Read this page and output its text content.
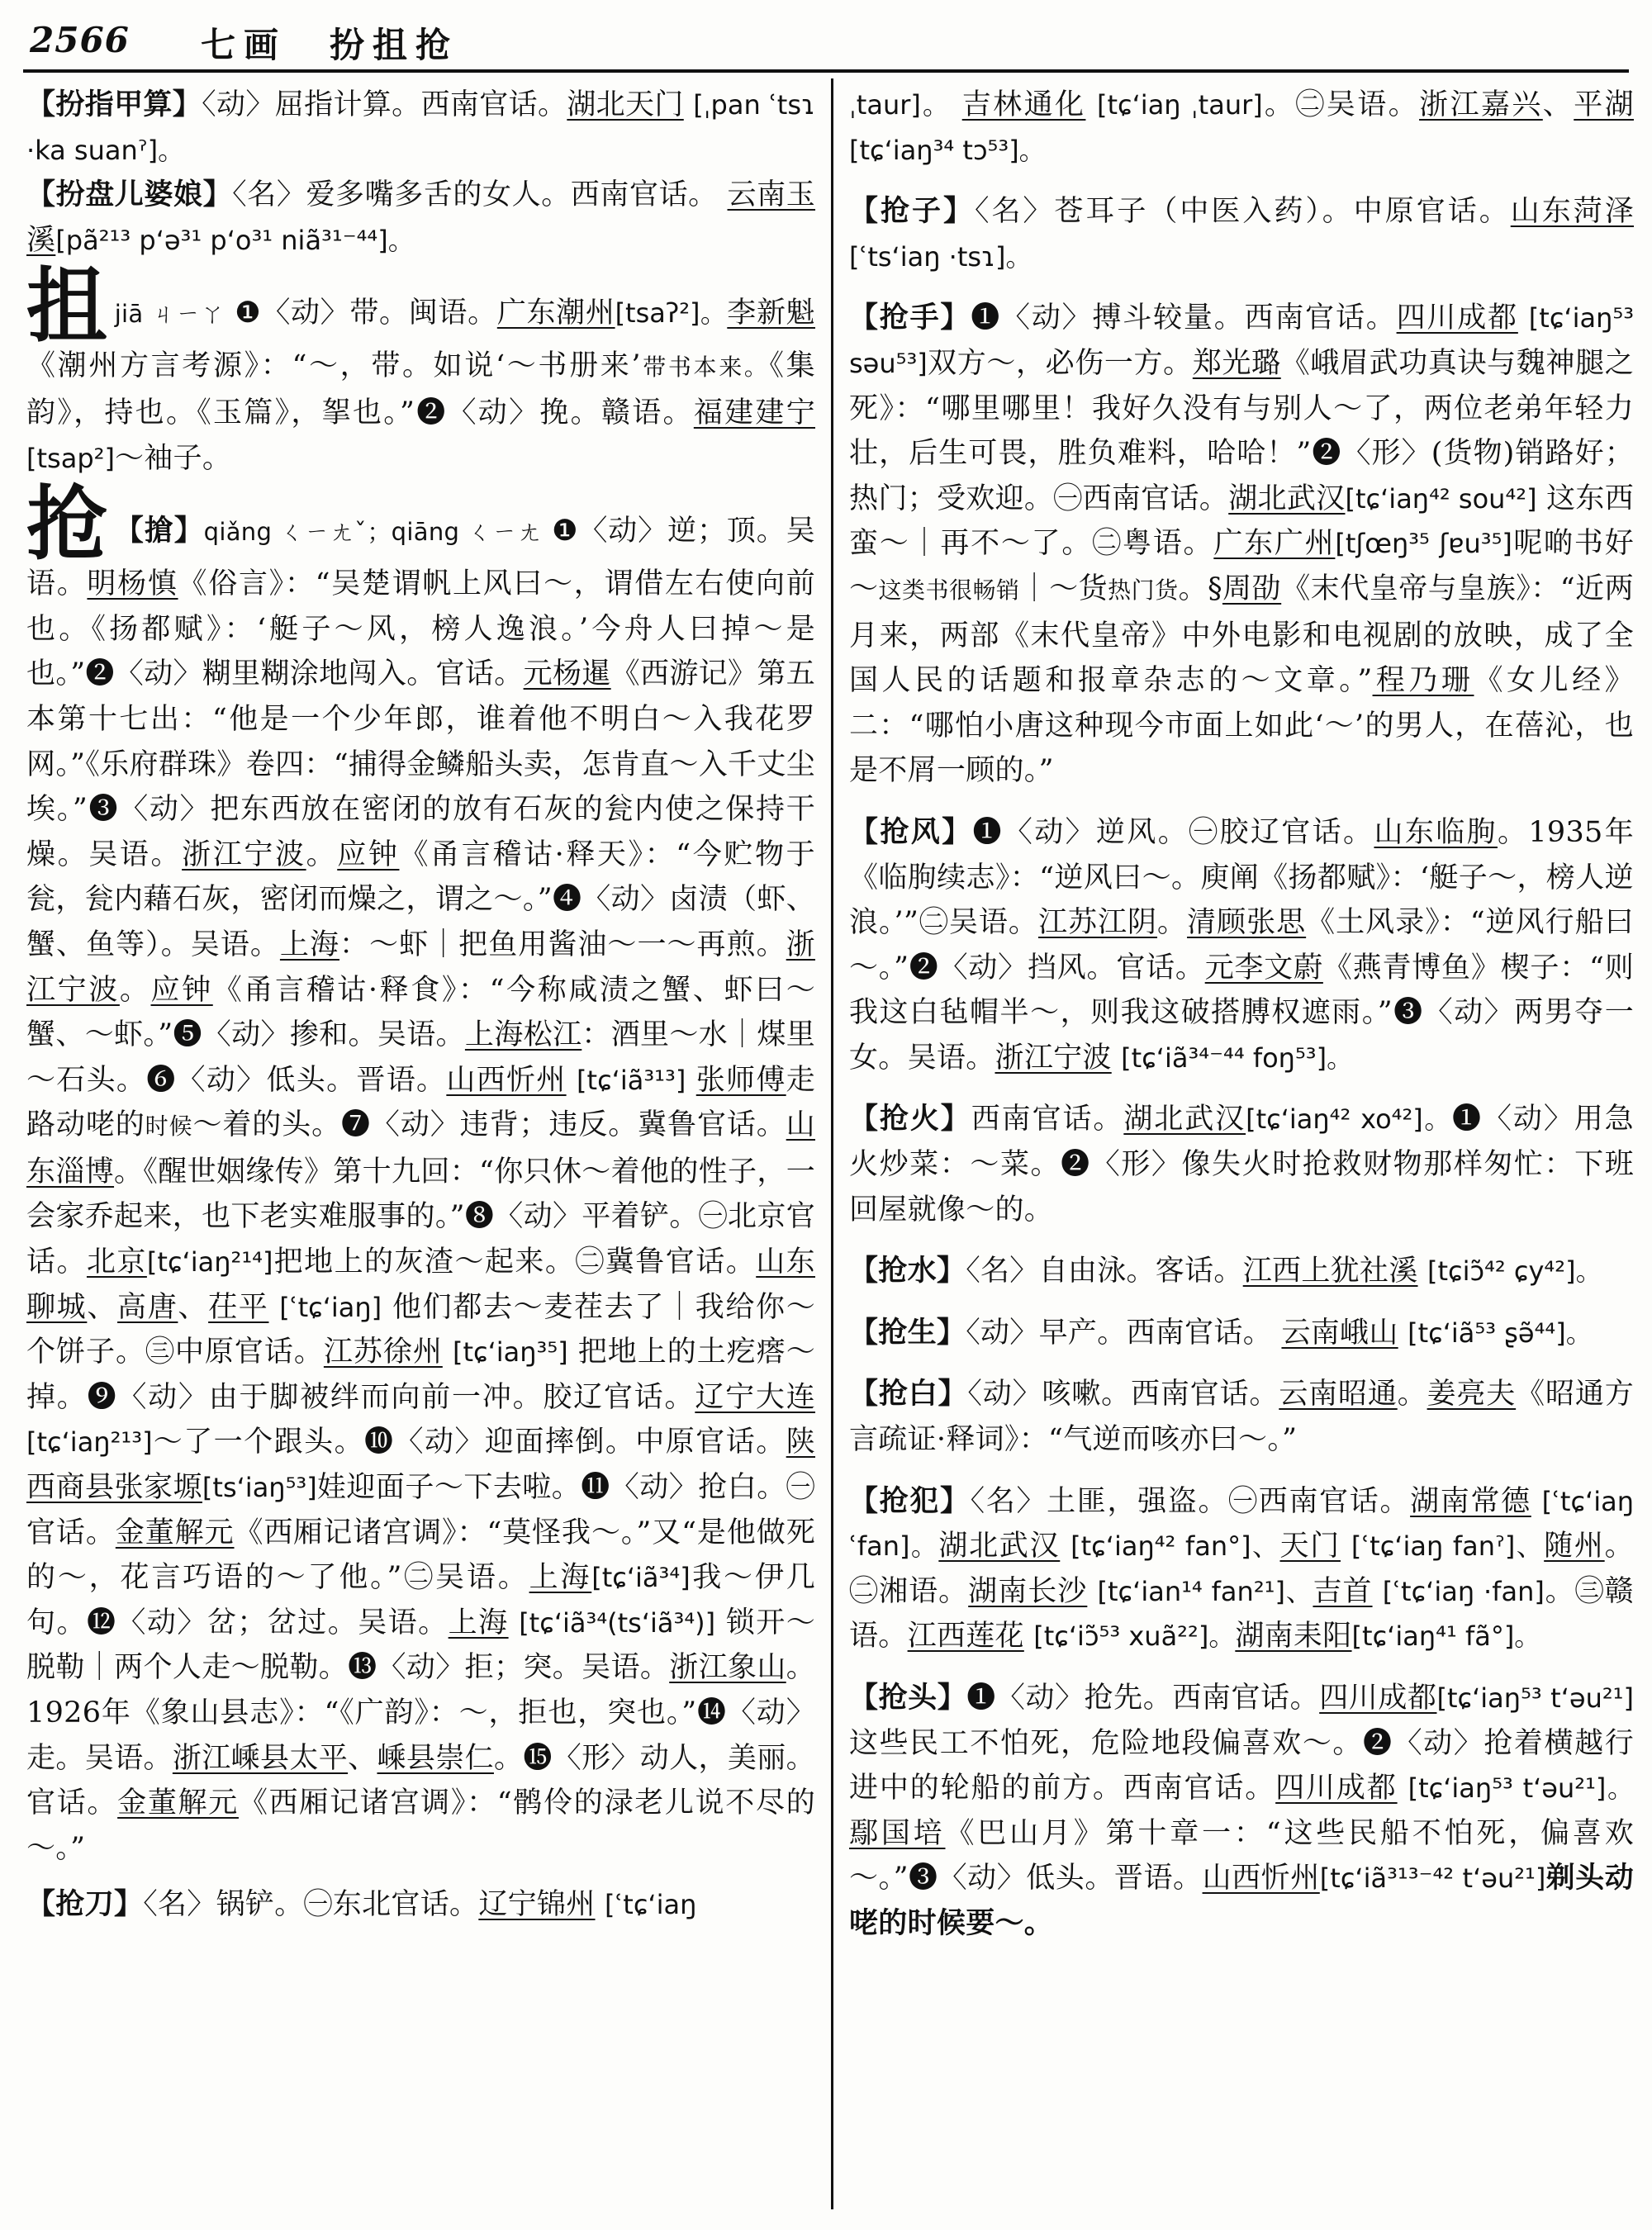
2566 七画　扮抯抢

【扮指甲算】〈动〉屈指计算。西南官话。湖北天门 [ˌpan ʿtsɿ ·ka suanˀ]。

【扮盘儿婆娘】〈名〉爱多嘴多舌的女人。西南官话。 云南玉溪[pã²¹³ pʻə³¹ pʻo³¹ niã³¹⁻⁴⁴]。

抯jiā ㄐㄧㄚ ❶〈动〉带。闽语。广东潮州[tsaʔ²]。李新魁《潮州方言考源》：“～，带。如说‘～书册来’带书本来。《集韵》，持也。《玉篇》，挐也。”❷〈动〉挽。赣语。福建建宁[tsap²]～袖子。

抢 【搶】qiǎng ㄑㄧㄤˇ；qiāng ㄑㄧㄤ ❶〈动〉逆；顶。吴语。明杨慎《俗言》：“吴楚谓帆上风曰～，谓借左右使向前也。《扬都赋》：‘艇子～风，榜人逸浪。’今舟人曰掉～是也。”❷〈动〉糊里糊涂地闯入。官话。元杨暹《西游记》第五本第十七出：“他是一个少年郎，谁着他不明白～入我花罗网。”《乐府群珠》卷四：“捕得金鳞船头卖，怎肯直～入千丈尘埃。”❸〈动〉把东西放在密闭的放有石灰的瓮内使之保持干燥。吴语。浙江宁波。应钟《甬言稽诂·释天》：“今贮物于瓮，瓮内藉石灰，密闭而燥之，谓之～。”❹〈动〉卤渍（虾、蟹、鱼等）。吴语。上海：～虾｜把鱼用酱油～一～再煎。浙江宁波。应钟《甬言稽诂·释食》：“今称咸渍之蟹、虾曰～蟹、～虾。”❺〈动〉掺和。吴语。上海松江：酒里～水｜煤里～石头。❻〈动〉低头。晋语。山西忻州 [tɕʻiã³¹³] 张师傅走路动咾的时候～着的头。❼〈动〉违背；违反。冀鲁官话。山东淄博。《醒世姻缘传》第十九回：“你只休～着他的性子，一会家乔起来，也下老实难服事的。”❽〈动〉平着铲。㊀北京官话。北京[tɕʻiaŋ²¹⁴]把地上的灰渣～起来。㊁冀鲁官话。山东聊城、高唐、茌平 [ʿtɕʻiaŋ] 他们都去～麦茬去了｜我给你～个饼子。㊂中原官话。江苏徐州 [tɕʻiaŋ³⁵] 把地上的土疙瘩～掉。❾〈动〉由于脚被绊而向前一冲。胶辽官话。辽宁大连[tɕʻiaŋ²¹³]～了一个跟头。❿〈动〉迎面摔倒。中原官话。陕西商县张家塬[tsʻiaŋ⁵³]娃迎面子～下去啦。⓫〈动〉抢白。㊀官话。金董解元《西厢记诸宫调》：“莫怪我～。”又“是他做死的～，花言巧语的～了他。”㊁吴语。上海[tɕʻiã³⁴]我～伊几句。⓬〈动〉岔；岔过。吴语。上海 [tɕʻiã³⁴(tsʻiã³⁴)] 锁开～脱勒｜两个人走～脱勒。⓭〈动〉拒；突。吴语。浙江象山。1926年《象山县志》：“《广韵》：～，拒也，突也。”⓮〈动〉走。吴语。浙江嵊县太平、嵊县崇仁。⓯〈形〉动人，美丽。官话。金董解元《西厢记诸宫调》：“鹘伶的渌老儿说不尽的～。”

【抢刀】〈名〉锅铲。㊀东北官话。辽宁锦州 [ʿtɕʻiaŋ

ˌtaur]。 吉林通化 [tɕʻiaŋ ˌtaur]。㊁吴语。浙江嘉兴、平湖[tɕʻiaŋ³⁴ tɔ⁵³]。

【抢子】〈名〉苍耳子（中医入药）。中原官话。山东菏泽[ʿtsʻiaŋ ·tsɿ]。

【抢手】❶〈动〉搏斗较量。西南官话。四川成都 [tɕʻiaŋ⁵³ səu⁵³]双方～，必伤一方。郑光璐《峨眉武功真诀与魏神腿之死》：“哪里哪里！我好久没有与别人～了，两位老弟年轻力壮，后生可畏，胜负难料，哈哈！”❷〈形〉(货物)销路好；热门；受欢迎。㊀西南官话。湖北武汉[tɕʻiaŋ⁴² sou⁴²] 这东西蛮～｜再不～了。㊁粤语。广东广州[tʃœŋ³⁵ ʃɐu³⁵]呢啲书好～这类书很畅销｜～货热门货。§周劭《末代皇帝与皇族》：“近两月来，两部《末代皇帝》中外电影和电视剧的放映，成了全国人民的话题和报章杂志的～文章。”程乃珊《女儿经》二：“哪怕小唐这种现今市面上如此‘～’的男人，在蓓沁，也是不屑一顾的。”

【抢风】❶〈动〉逆风。㊀胶辽官话。山东临朐。1935年《临朐续志》：“逆风曰～。庾阐《扬都赋》：‘艇子～，榜人逆浪。’”㊁吴语。江苏江阴。清顾张思《土风录》：“逆风行船曰～。”❷〈动〉挡风。官话。元李文蔚《燕青博鱼》楔子：“则我这白毡帽半～，则我这破搭膊权遮雨。”❸〈动〉两男夺一女。吴语。浙江宁波 [tɕʻiã³⁴⁻⁴⁴ foŋ⁵³]。

【抢火】西南官话。湖北武汉[tɕʻiaŋ⁴² xo⁴²]。❶〈动〉用急火炒菜：～菜。❷〈形〉像失火时抢救财物那样匆忙：下班回屋就像～的。

【抢水】〈名〉自由泳。客话。江西上犹社溪 [tɕiɔ̃⁴² ɕy⁴²]。

【抢生】〈动〉早产。西南官话。 云南峨山 [tɕʻiã⁵³ ʂə̃⁴⁴]。

【抢白】〈动〉咳嗽。西南官话。云南昭通。姜亮夫《昭通方言疏证·释词》：“气逆而咳亦曰～。”

【抢犯】〈名〉土匪，强盗。㊀西南官话。湖南常德 [ʿtɕʻiaŋ ʿfan]。湖北武汉 [tɕʻiaŋ⁴² fan°]、天门 [ʿtɕʻiaŋ fanˀ]、随州。㊁湘语。湖南长沙 [tɕʻian¹⁴ fan²¹]、吉首 [ʿtɕʻiaŋ ·fan]。㊂赣语。江西莲花 [tɕʻiɔ̃⁵³ xuã²²]。湖南耒阳[tɕʻiaŋ⁴¹ fã°]。

【抢头】❶〈动〉抢先。西南官话。四川成都[tɕʻiaŋ⁵³ tʻəu²¹]这些民工不怕死，危险地段偏喜欢～。❷〈动〉抢着横越行进中的轮船的前方。西南官话。四川成都 [tɕʻiaŋ⁵³ tʻəu²¹]。鄢国培《巴山月》第十章一：“这些民船不怕死，偏喜欢～。”❸〈动〉低头。晋语。山西忻州[tɕʻiã³¹³⁻⁴² tʻəu²¹]剃头动咾的时候要～。
